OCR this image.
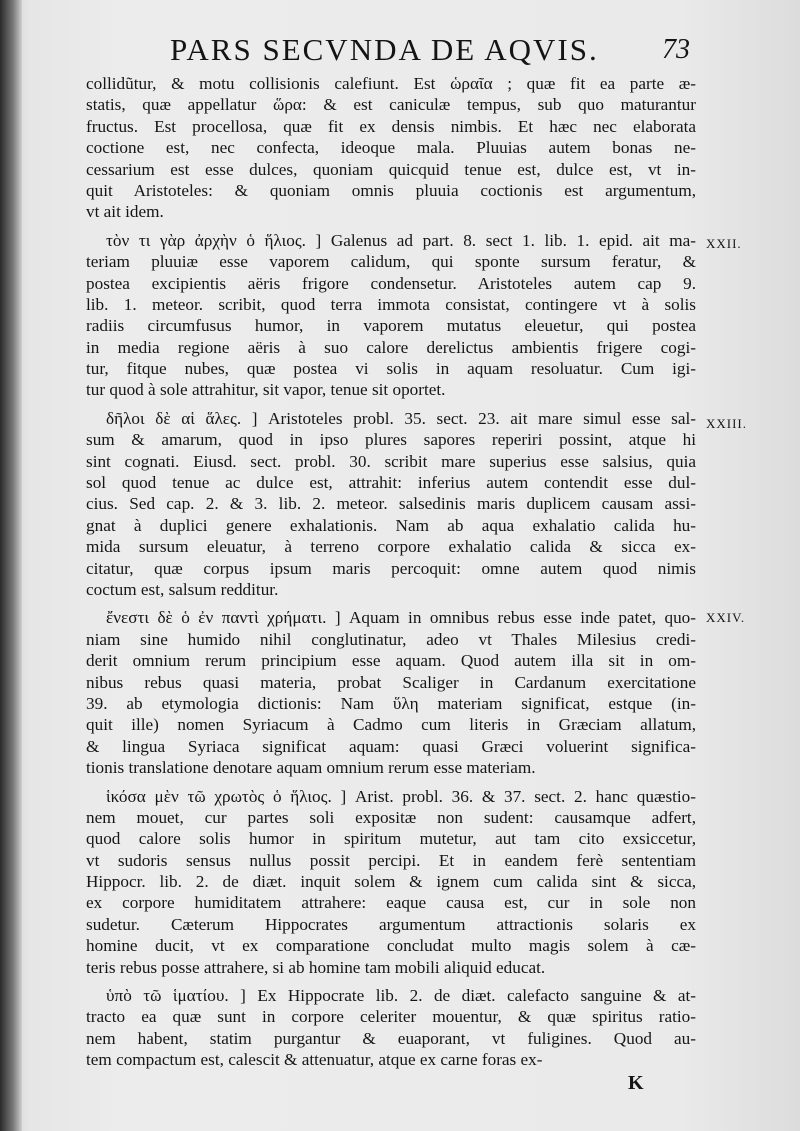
PARS SECVNDA DE AQVIS. 73
collidũtur, & motu collisionis calefiunt. Est ὡραῖα ; quæ fit ea parte æ-
statis, quæ appellatur ὥρα: & est caniculæ tempus, sub quo maturantur
fructus. Est procellosa, quæ fit ex densis nimbis. Et hæc nec elaborata
coctione est, nec confecta, ideoque mala. Pluuias autem bonas ne-
cessarium est esse dulces, quoniam quicquid tenue est, dulce est, vt in-
quit Aristoteles: & quoniam omnis pluuia coctionis est argumentum,
vt ait idem.
τὸν τι γὰρ ἀρχὴν ὁ ἥλιος. ] Galenus ad part. 8. sect 1. lib. 1. epid. ait ma-
teriam pluuiæ esse vaporem calidum, qui sponte sursum feratur, &
postea excipientis aëris frigore condensetur. Aristoteles autem cap 9.
lib. 1. meteor. scribit, quod terra immota consistat, contingere vt à solis
radiis circumfusus humor, in vaporem mutatus eleuetur, qui postea
in media regione aëris à suo calore derelictus ambientis frigere cogi-
tur, fitque nubes, quæ postea vi solis in aquam resoluatur. Cum igi-
tur quod à sole attrahitur, sit vapor, tenue sit oportet.
δῆλοι δὲ αἱ ἅλες. ] Aristoteles probl. 35. sect. 23. ait mare simul esse sal-
sum & amarum, quod in ipso plures sapores reperiri possint, atque hi
sint cognati. Eiusd. sect. probl. 30. scribit mare superius esse salsius, quia
sol quod tenue ac dulce est, attrahit: inferius autem contendit esse dul-
cius. Sed cap. 2. & 3. lib. 2. meteor. salsedinis maris duplicem causam assi-
gnat à duplici genere exhalationis. Nam ab aqua exhalatio calida hu-
mida sursum eleuatur, à terreno corpore exhalatio calida & sicca ex-
citatur, quæ corpus ipsum maris percoquit: omne autem quod nimis
coctum est, salsum redditur.
ἔνεστι δὲ ὁ ἐν παντὶ χρήματι. ] Aquam in omnibus rebus esse inde patet, quo-
niam sine humido nihil conglutinatur, adeo vt Thales Milesius credi-
derit omnium rerum principium esse aquam. Quod autem illa sit in om-
nibus rebus quasi materia, probat Scaliger in Cardanum exercitatione
39. ab etymologia dictionis: Nam ὕλη materiam significat, estque (in-
quit ille) nomen Syriacum à Cadmo cum literis in Græciam allatum,
& lingua Syriaca significat aquam: quasi Græci voluerint significa-
tionis translatione denotare aquam omnium rerum esse materiam.
ἱκόσα μὲν τῶ χρωτὸς ὁ ἥλιος. ] Arist. probl. 36. & 37. sect. 2. hanc quæstio-
nem mouet, cur partes soli expositæ non sudent: causamque adfert,
quod calore solis humor in spiritum mutetur, aut tam cito exsiccetur,
vt sudoris sensus nullus possit percipi. Et in eandem ferè sententiam
Hippocr. lib. 2. de diæt. inquit solem & ignem cum calida sint & sicca,
ex corpore humiditatem attrahere: eaque causa est, cur in sole non
sudetur. Cæterum Hippocrates argumentum attractionis solaris ex
homine ducit, vt ex comparatione concludat multo magis solem à cæ-
teris rebus posse attrahere, si ab homine tam mobili aliquid educat.
ὑπὸ τῶ ἱματίου. ] Ex Hippocrate lib. 2. de diæt. calefacto sanguine & at-
tracto ea quæ sunt in corpore celeriter mouentur, & quæ spiritus ratio-
nem habent, statim purgantur & euaporant, vt fuligines. Quod au-
tem compactum est, calescit & attenuatur, atque ex carne foras ex-
XXII.
XXIII.
XXIV.
K
